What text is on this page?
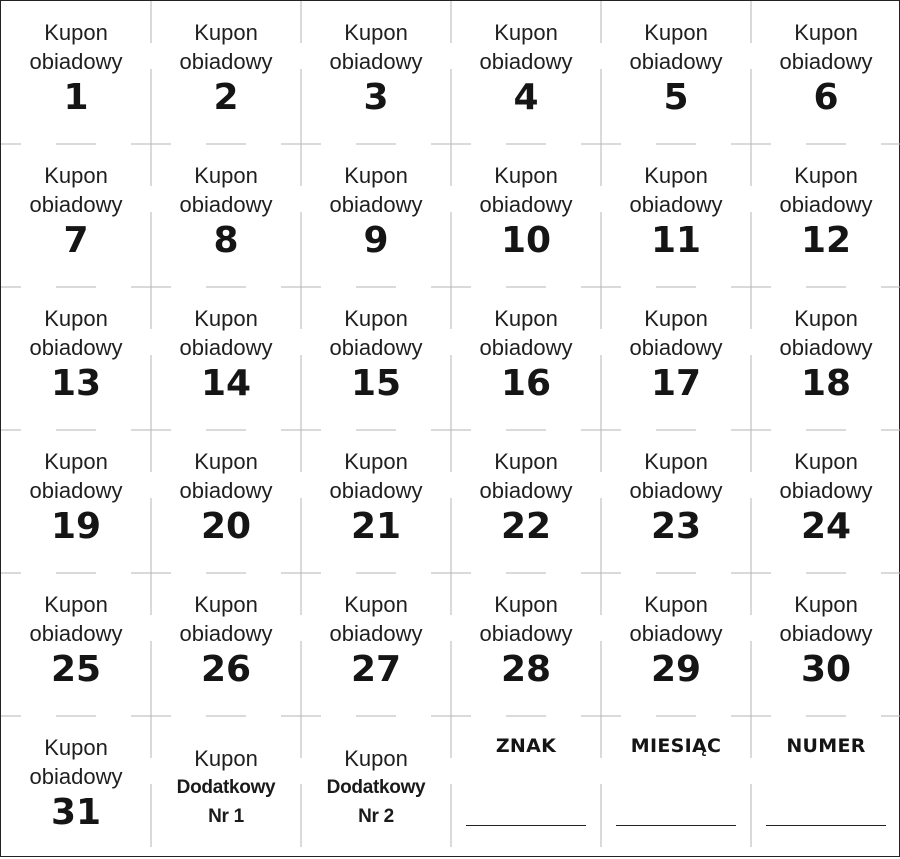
Kupon
obiadowy
1
Kupon
obiadowy
2
Kupon
obiadowy
3
Kupon
obiadowy
4
Kupon
obiadowy
5
Kupon
obiadowy
6
Kupon
obiadowy
7
Kupon
obiadowy
8
Kupon
obiadowy
9
Kupon
obiadowy
10
Kupon
obiadowy
11
Kupon
obiadowy
12
Kupon
obiadowy
13
Kupon
obiadowy
14
Kupon
obiadowy
15
Kupon
obiadowy
16
Kupon
obiadowy
17
Kupon
obiadowy
18
Kupon
obiadowy
19
Kupon
obiadowy
20
Kupon
obiadowy
21
Kupon
obiadowy
22
Kupon
obiadowy
23
Kupon
obiadowy
24
Kupon
obiadowy
25
Kupon
obiadowy
26
Kupon
obiadowy
27
Kupon
obiadowy
28
Kupon
obiadowy
29
Kupon
obiadowy
30
Kupon
obiadowy
31
Kupon
Dodatkowy
Nr 1
Kupon
Dodatkowy
Nr 2
ZNAK	MIESIĄC	NUMER
